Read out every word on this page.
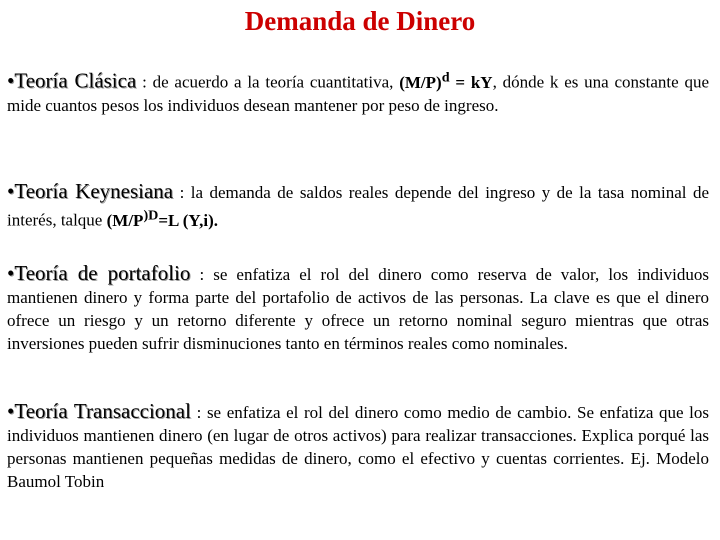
Demanda de Dinero
•Teoría Clásica : de acuerdo a la teoría cuantitativa, $(M/P)^d$ = kY, dónde k es una constante que mide cuantos pesos los individuos desean mantener por peso de ingreso.
•Teoría Keynesiana : la demanda de saldos reales depende del ingreso y de la tasa nominal de interés, talque ($M/P^{)D}=L$ (Y,i).
•Teoría de portafolio : se enfatiza el rol del dinero como reserva de valor, los individuos mantienen dinero y forma parte del portafolio de activos de las personas. La clave es que el dinero ofrece un riesgo y un retorno diferente y ofrece un retorno nominal seguro mientras que otras inversiones pueden sufrir disminuciones tanto en términos reales como nominales.
•Teoría Transaccional : se enfatiza el rol del dinero como medio de cambio. Se enfatiza que los individuos mantienen dinero (en lugar de otros activos) para realizar transacciones. Explica porqué las personas mantienen pequeñas medidas de dinero, como el efectivo y cuentas corrientes. Ej. Modelo Baumol Tobin
